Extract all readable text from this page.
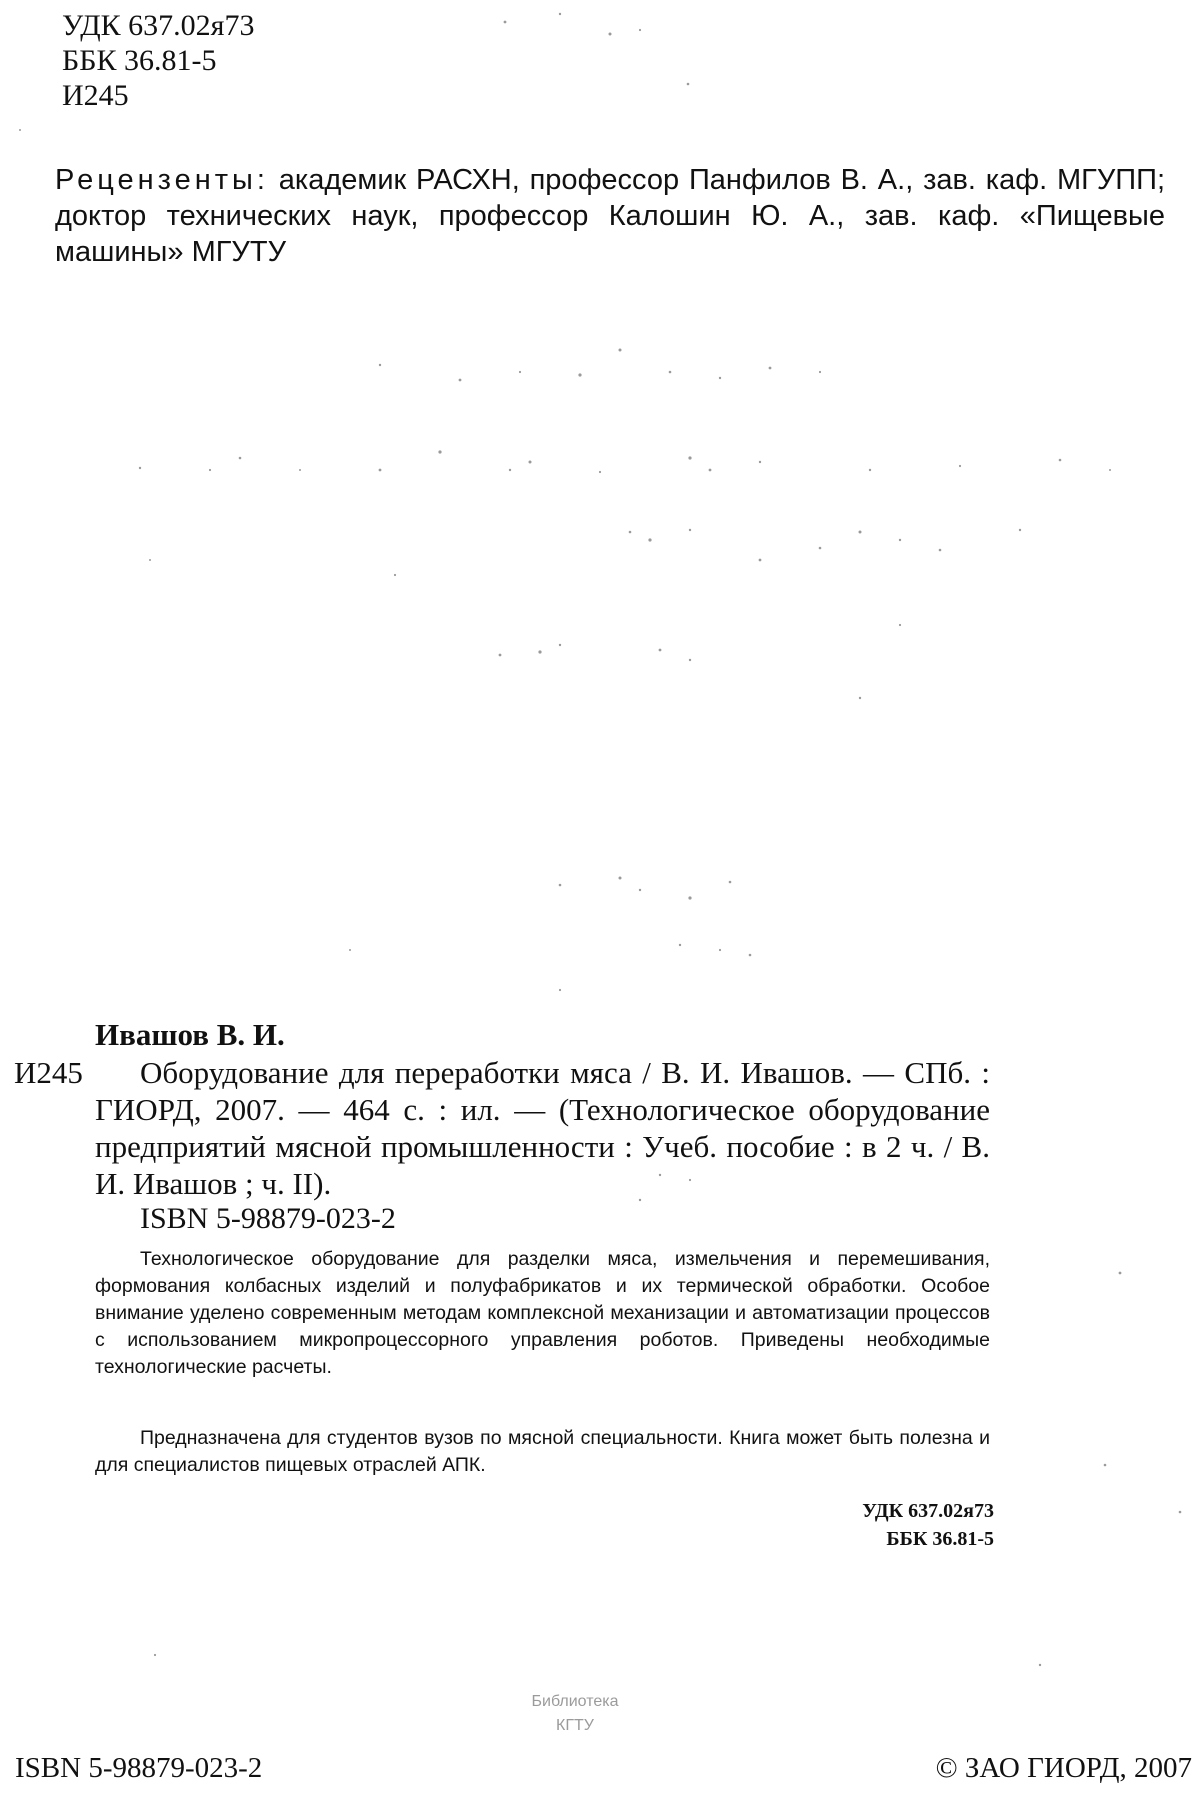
УДК 637.02я73
ББК 36.81-5
И245

Рецензенты: академик РАСХН, профессор Панфилов В. А., зав. каф. МГУПП; доктор технических наук, профессор Калошин Ю. А., зав. каф. «Пищевые машины» МГУТУ

Ивашов В. И.
И245	Оборудование для переработки мяса / В. И. Ивашов. — СПб. : ГИОРД, 2007. — 464 с. : ил. — (Технологическое оборудование предприятий мясной промышленности : Учеб. пособие : в 2 ч. / В. И. Ивашов ; ч. II).

ISBN 5-98879-023-2

Технологическое оборудование для разделки мяса, измельчения и перемешивания, формования колбасных изделий и полуфабрикатов и их термической обработки. Особое внимание уделено современным методам комплексной механизации и автоматизации процессов с использованием микропроцессорного управления роботов. Приведены необходимые технологические расчеты.

Предназначена для студентов вузов по мясной специальности. Книга может быть полезна и для специалистов пищевых отраслей АПК.

УДК 637.02я73
ББК 36.81-5
Библиотека
КГТУ
ISBN 5-98879-023-2	© ЗАО ГИОРД, 2007
